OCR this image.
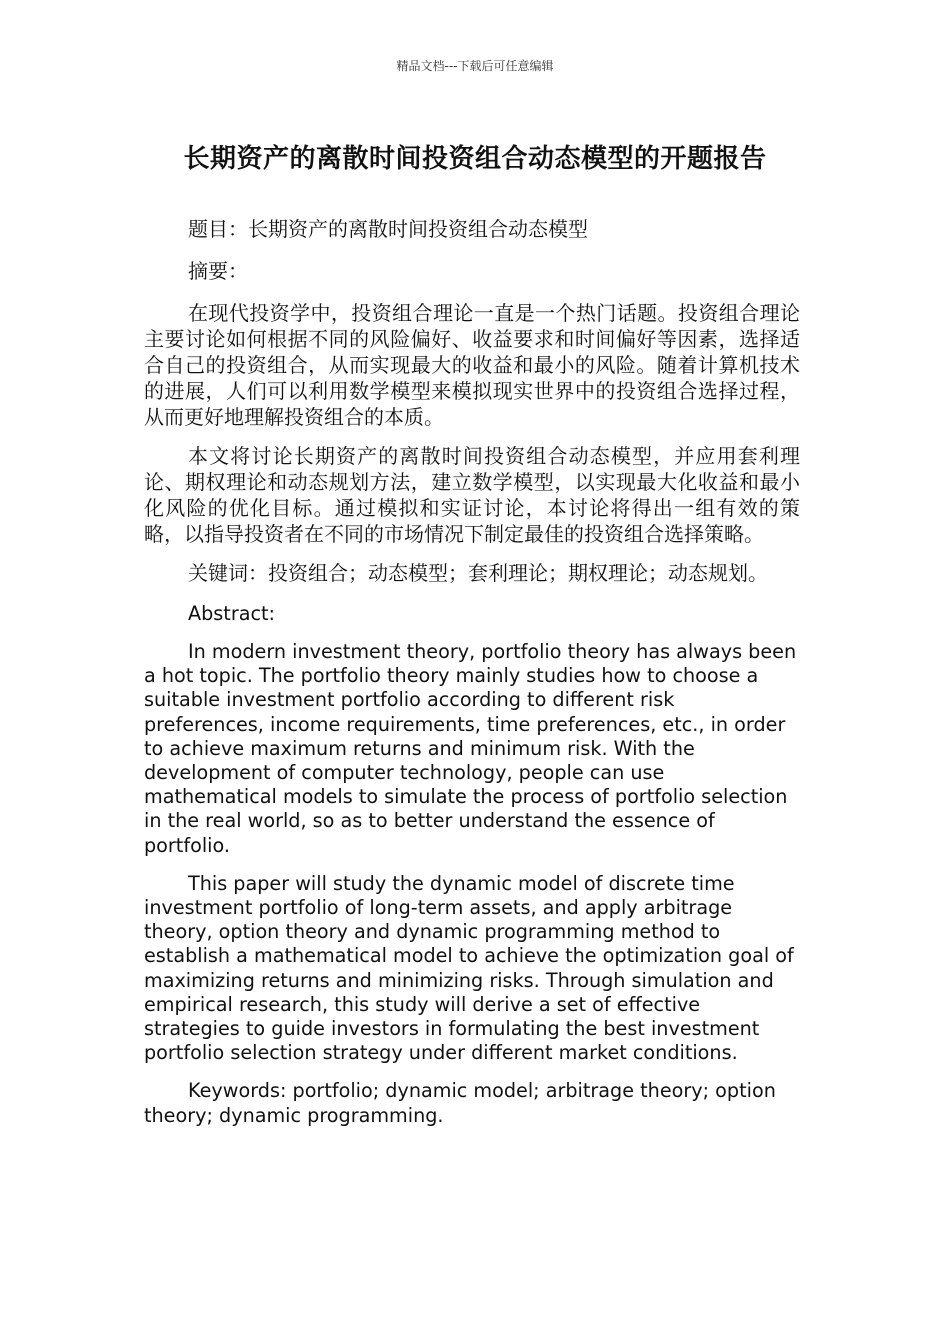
精品文档---下载后可任意编辑
长期资产的离散时间投资组合动态模型的开题报告

题目：长期资产的离散时间投资组合动态模型

摘要：

在现代投资学中，投资组合理论一直是一个热门话题。投资组合理论主要讨论如何根据不同的风险偏好、收益要求和时间偏好等因素，选择适合自己的投资组合，从而实现最大的收益和最小的风险。随着计算机技术的进展，人们可以利用数学模型来模拟现实世界中的投资组合选择过程，从而更好地理解投资组合的本质。

本文将讨论长期资产的离散时间投资组合动态模型，并应用套利理论、期权理论和动态规划方法，建立数学模型，以实现最大化收益和最小化风险的优化目标。通过模拟和实证讨论，本讨论将得出一组有效的策略，以指导投资者在不同的市场情况下制定最佳的投资组合选择策略。

关键词：投资组合；动态模型；套利理论；期权理论；动态规划。

Abstract:

In modern investment theory, portfolio theory has always been a hot topic. The portfolio theory mainly studies how to choose a suitable investment portfolio according to different risk preferences, income requirements, time preferences, etc., in order to achieve maximum returns and minimum risk. With the development of computer technology, people can use mathematical models to simulate the process of portfolio selection in the real world, so as to better understand the essence of portfolio.

This paper will study the dynamic model of discrete time investment portfolio of long-term assets, and apply arbitrage theory, option theory and dynamic programming method to establish a mathematical model to achieve the optimization goal of maximizing returns and minimizing risks. Through simulation and empirical research, this study will derive a set of effective strategies to guide investors in formulating the best investment portfolio selection strategy under different market conditions.

Keywords: portfolio; dynamic model; arbitrage theory; option theory; dynamic programming.
